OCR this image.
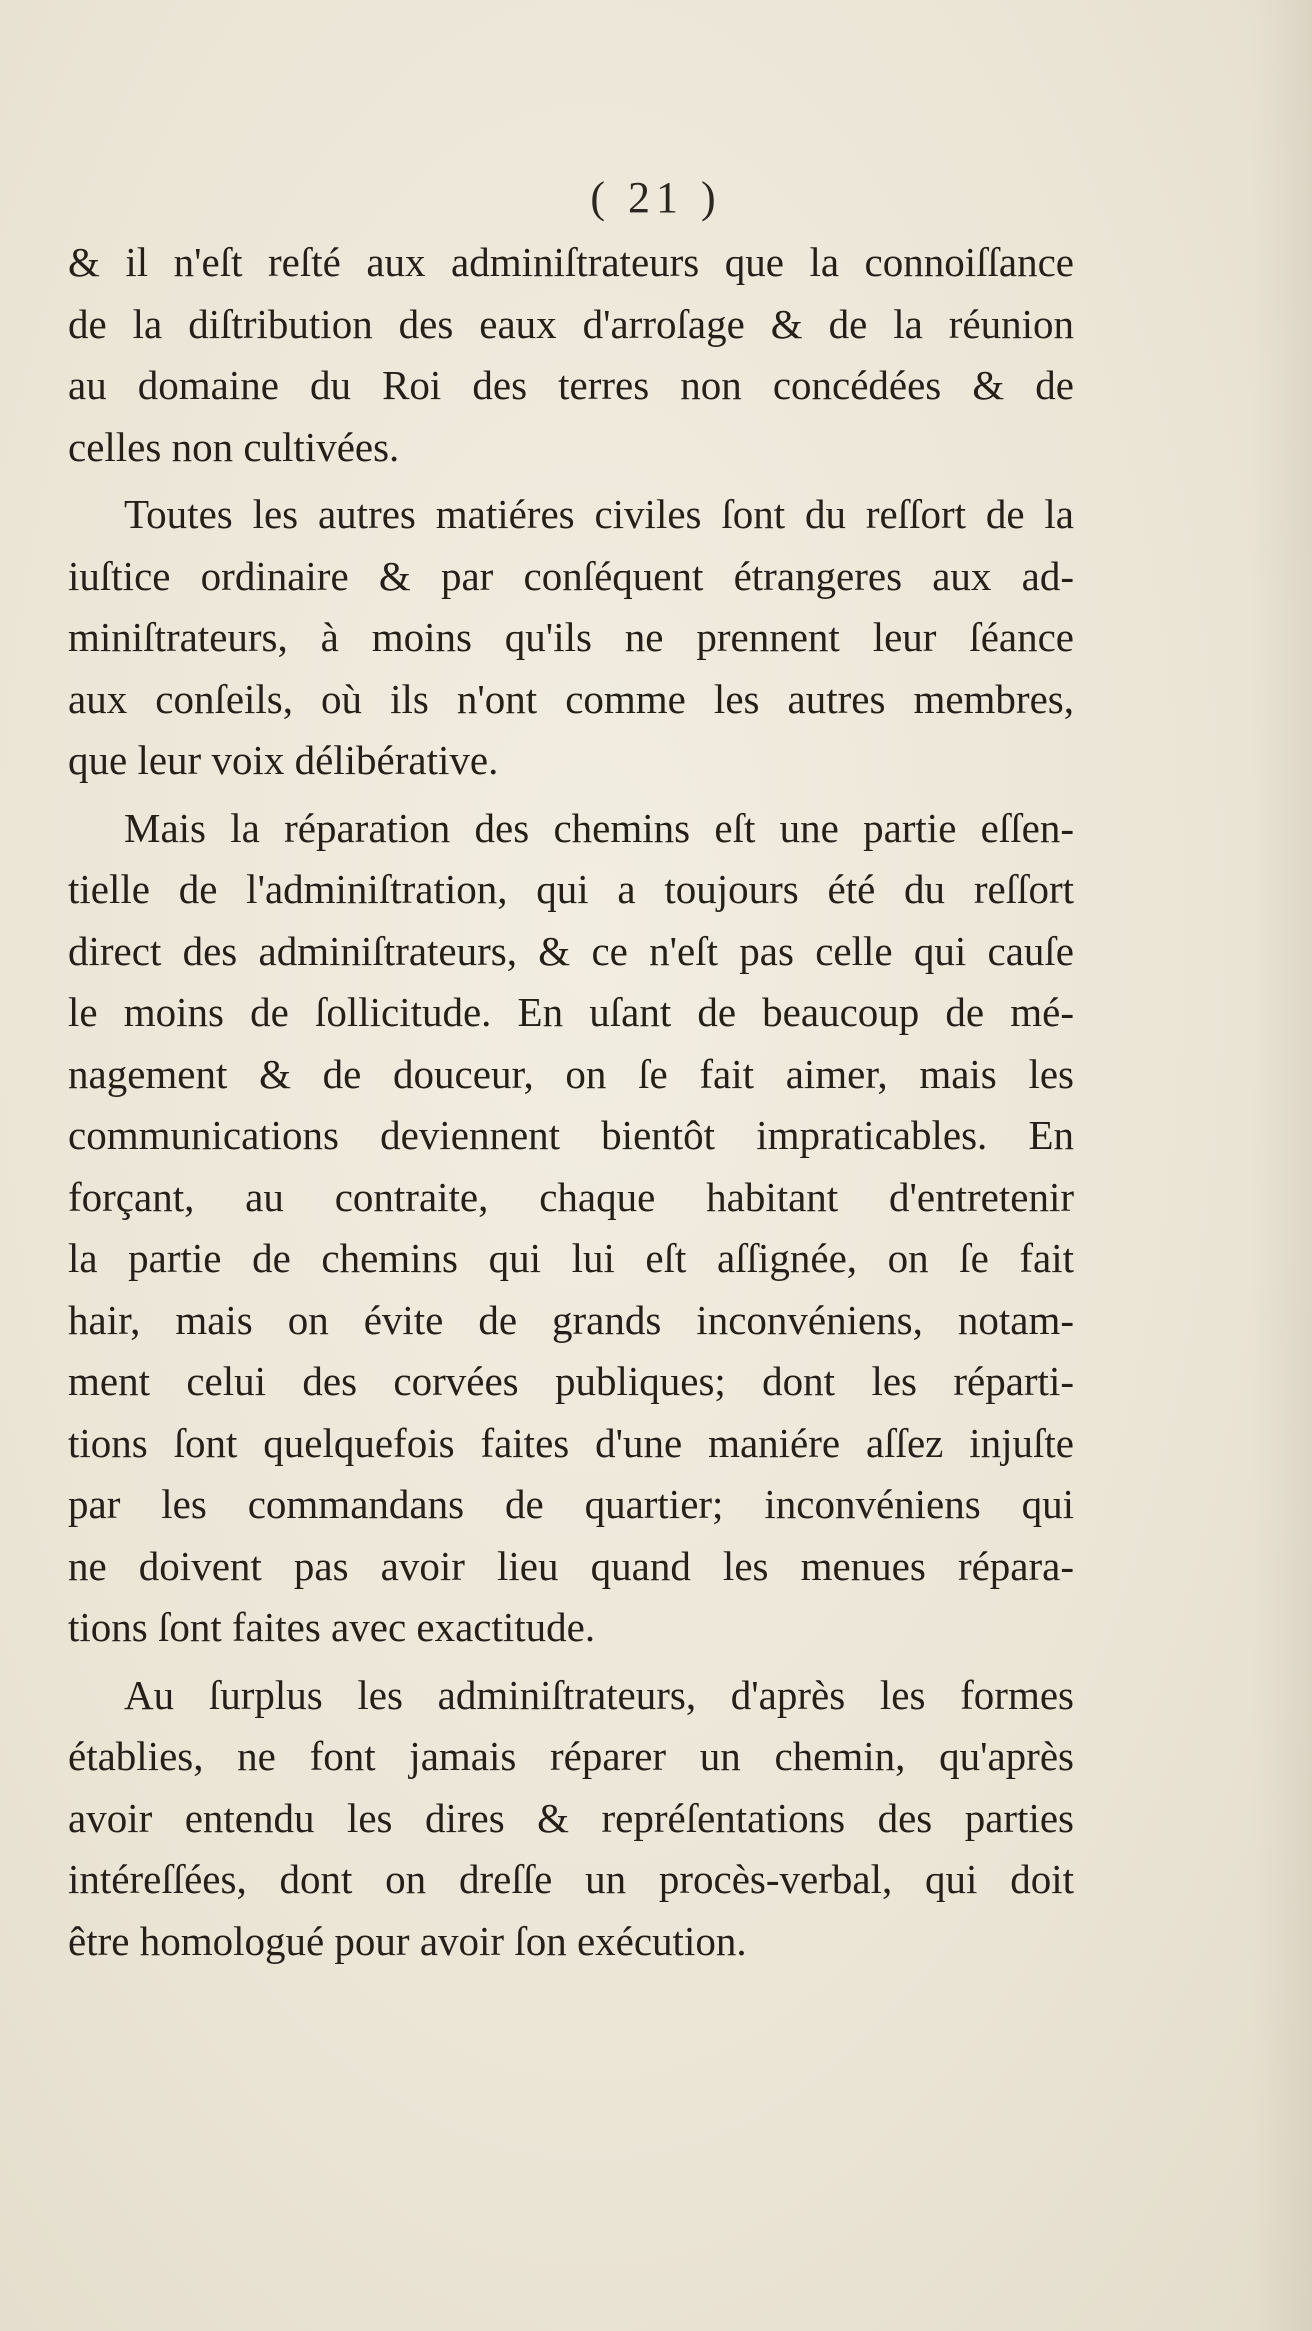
( 21 )
& il n'eſt reſté aux adminiſtrateurs que la connoiſſance
de la diſtribution des eaux d'arroſage & de la réunion
au domaine du Roi des terres non concédées & de
celles non cultivées.
Toutes les autres matiéres civiles ſont du reſſort de la
iuſtice ordinaire & par conſéquent étrangeres aux ad-
miniſtrateurs, à moins qu'ils ne prennent leur ſéance
aux conſeils, où ils n'ont comme les autres membres,
que leur voix délibérative.
Mais la réparation des chemins eſt une partie eſſen-
tielle de l'adminiſtration, qui a toujours été du reſſort
direct des adminiſtrateurs, & ce n'eſt pas celle qui cauſe
le moins de ſollicitude. En uſant de beaucoup de mé-
nagement & de douceur, on ſe fait aimer, mais les
communications deviennent bientôt impraticables. En
forçant, au contraite, chaque habitant d'entretenir
la partie de chemins qui lui eſt aſſignée, on ſe fait
hair, mais on évite de grands inconvéniens, notam-
ment celui des corvées publiques; dont les réparti-
tions ſont quelquefois faites d'une maniére aſſez injuſte
par les commandans de quartier; inconvéniens qui
ne doivent pas avoir lieu quand les menues répara-
tions ſont faites avec exactitude.
Au ſurplus les adminiſtrateurs, d'après les formes
établies, ne font jamais réparer un chemin, qu'après
avoir entendu les dires & repréſentations des parties
intéreſſées, dont on dreſſe un procès-verbal, qui doit
être homologué pour avoir ſon exécution.
